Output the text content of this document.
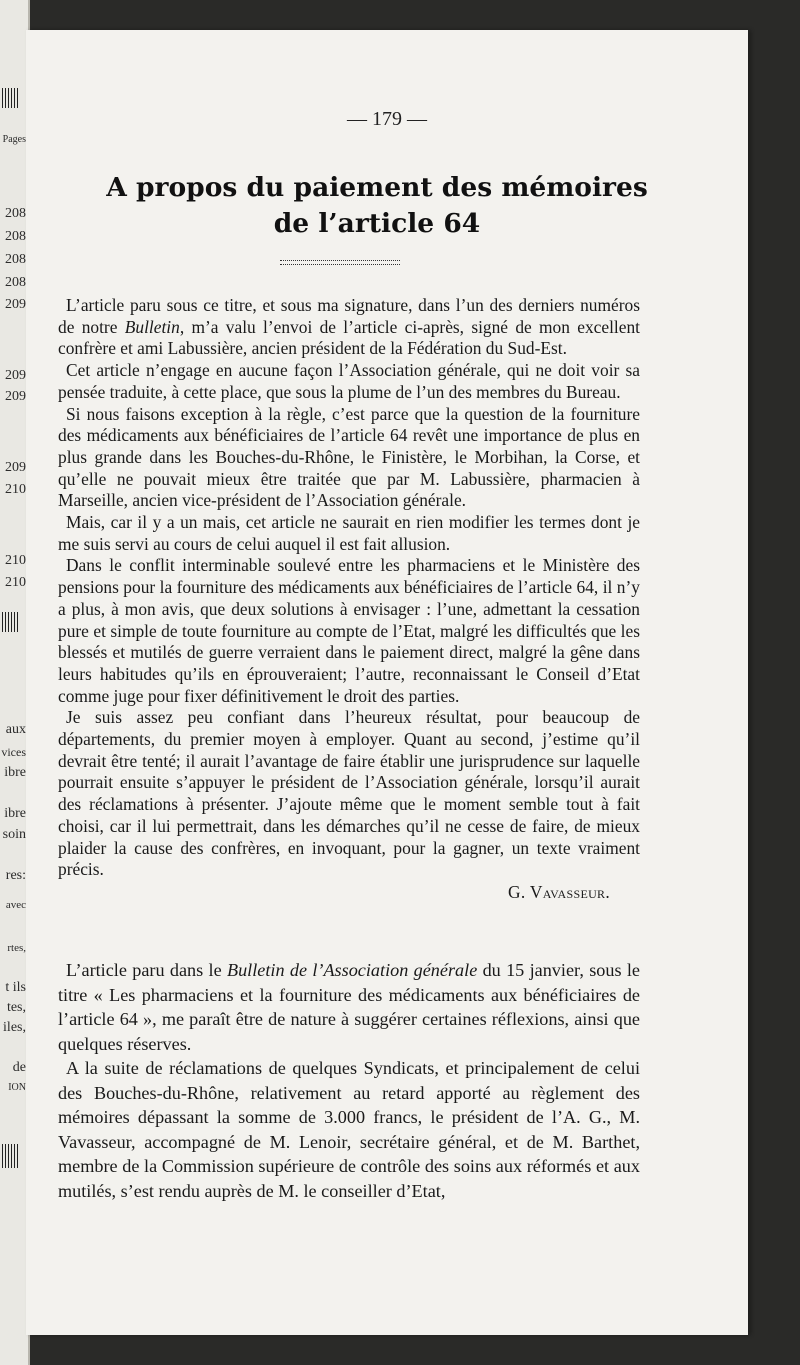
Pages
208
208
208
208
209
209
209
209
210
210
210
aux
vices
ibre
ibre
soin
res:
avec
rtes,
t ils
tes,
iles,
de
ION
— 179 —
A propos du paiement des mémoires
de l’article 64

L’article paru sous ce titre, et sous ma signature, dans l’un des derniers numéros de notre Bulletin, m’a valu l’envoi de l’article ci-après, signé de mon excellent confrère et ami Labussière, ancien président de la Fédération du Sud-Est.

Cet article n’engage en aucune façon l’Association générale, qui ne doit voir sa pensée traduite, à cette place, que sous la plume de l’un des membres du Bureau.

Si nous faisons exception à la règle, c’est parce que la question de la fourniture des médicaments aux bénéficiaires de l’article 64 revêt une importance de plus en plus grande dans les Bouches-du-Rhône, le Finistère, le Morbihan, la Corse, et qu’elle ne pouvait mieux être traitée que par M. Labussière, pharmacien à Marseille, ancien vice-président de l’Association générale.

Mais, car il y a un mais, cet article ne saurait en rien modifier les termes dont je me suis servi au cours de celui auquel il est fait allusion.

Dans le conflit interminable soulevé entre les pharmaciens et le Ministère des pensions pour la fourniture des médicaments aux bénéficiaires de l’article 64, il n’y a plus, à mon avis, que deux solutions à envisager : l’une, admettant la cessation pure et simple de toute fourniture au compte de l’Etat, malgré les difficultés que les blessés et mutilés de guerre verraient dans le paiement direct, malgré la gêne dans leurs habitudes qu’ils en éprouveraient; l’autre, reconnaissant le Conseil d’Etat comme juge pour fixer définitivement le droit des parties.

Je suis assez peu confiant dans l’heureux résultat, pour beaucoup de départements, du premier moyen à employer. Quant au second, j’estime qu’il devrait être tenté; il aurait l’avantage de faire établir une jurisprudence sur laquelle pourrait ensuite s’appuyer le président de l’Association générale, lorsqu’il aurait des réclamations à présenter. J’ajoute même que le moment semble tout à fait choisi, car il lui permettrait, dans les démarches qu’il ne cesse de faire, de mieux plaider la cause des confrères, en invoquant, pour la gagner, un texte vraiment précis.

G. Vavasseur.

L’article paru dans le Bulletin de l’Association générale du 15 janvier, sous le titre « Les pharmaciens et la fourniture des médicaments aux bénéficiaires de l’article 64 », me paraît être de nature à suggérer certaines réflexions, ainsi que quelques réserves.

A la suite de réclamations de quelques Syndicats, et principalement de celui des Bouches-du-Rhône, relativement au retard apporté au règlement des mémoires dépassant la somme de 3.000 francs, le président de l’A. G., M. Vavasseur, accompagné de M. Lenoir, secrétaire général, et de M. Barthet, membre de la Commission supérieure de contrôle des soins aux réformés et aux mutilés, s’est rendu auprès de M. le conseiller d’Etat,
